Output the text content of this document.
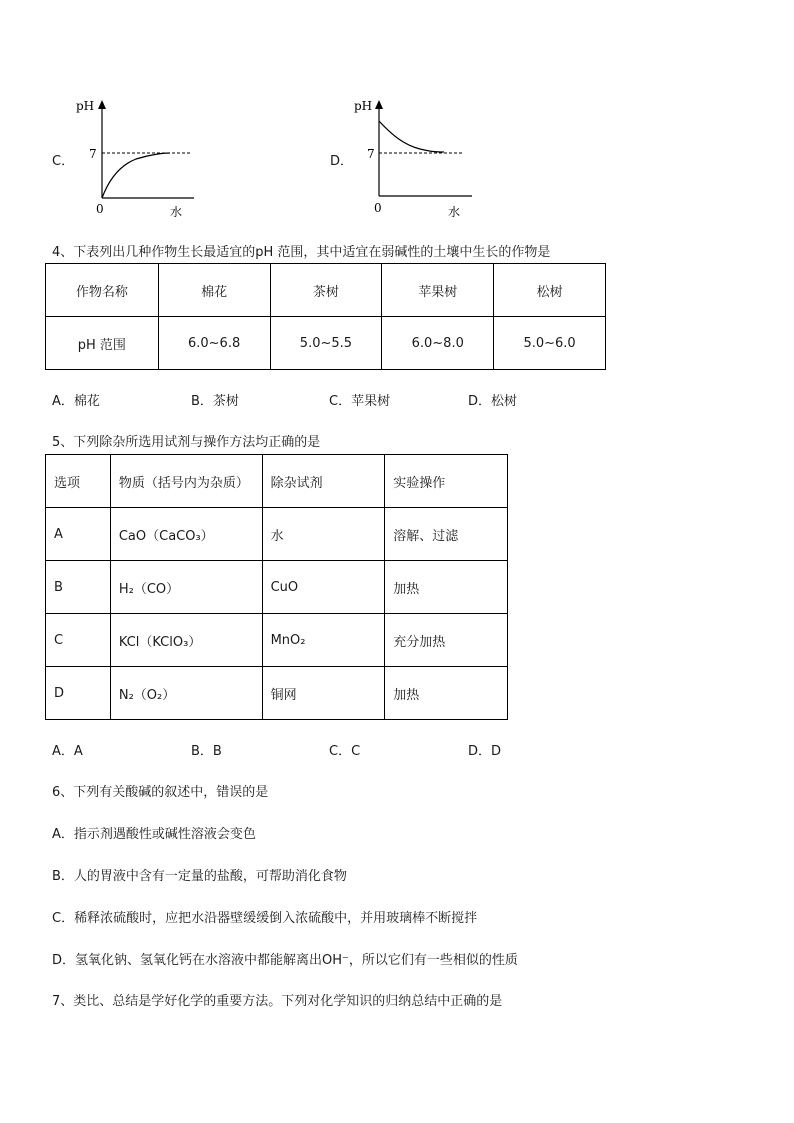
C．
pH
7
0	水
D．
pH
7
0	水
4、下表列出几种作物生长最适宜的pH 范围，其中适宜在弱碱性的土壤中生长的作物是
作物名称	棉花	茶树	苹果树	松树
pH 范围	6.0~6.8	5.0~5.5	6.0~8.0	5.0~6.0
A．棉花	B．茶树	C．苹果树	D．松树
5、下列除杂所选用试剂与操作方法均正确的是
选项	物质（括号内为杂质）	除杂试剂	实验操作
A	CaO（CaCO₃）	水	溶解、过滤
B	H₂（CO）	CuO	加热
C	KCl（KClO₃）	MnO₂	充分加热
D	N₂（O₂）	铜网	加热
A．A	B．B	C．C	D．D
6、下列有关酸碱的叙述中，错误的是
A．指示剂遇酸性或碱性溶液会变色
B．人的胃液中含有一定量的盐酸，可帮助消化食物
C．稀释浓硫酸时，应把水沿器壁缓缓倒入浓硫酸中，并用玻璃棒不断搅拌
D．氢氧化钠、氢氧化钙在水溶液中都能解离出OH⁻，所以它们有一些相似的性质
7、类比、总结是学好化学的重要方法。下列对化学知识的归纳总结中正确的是
